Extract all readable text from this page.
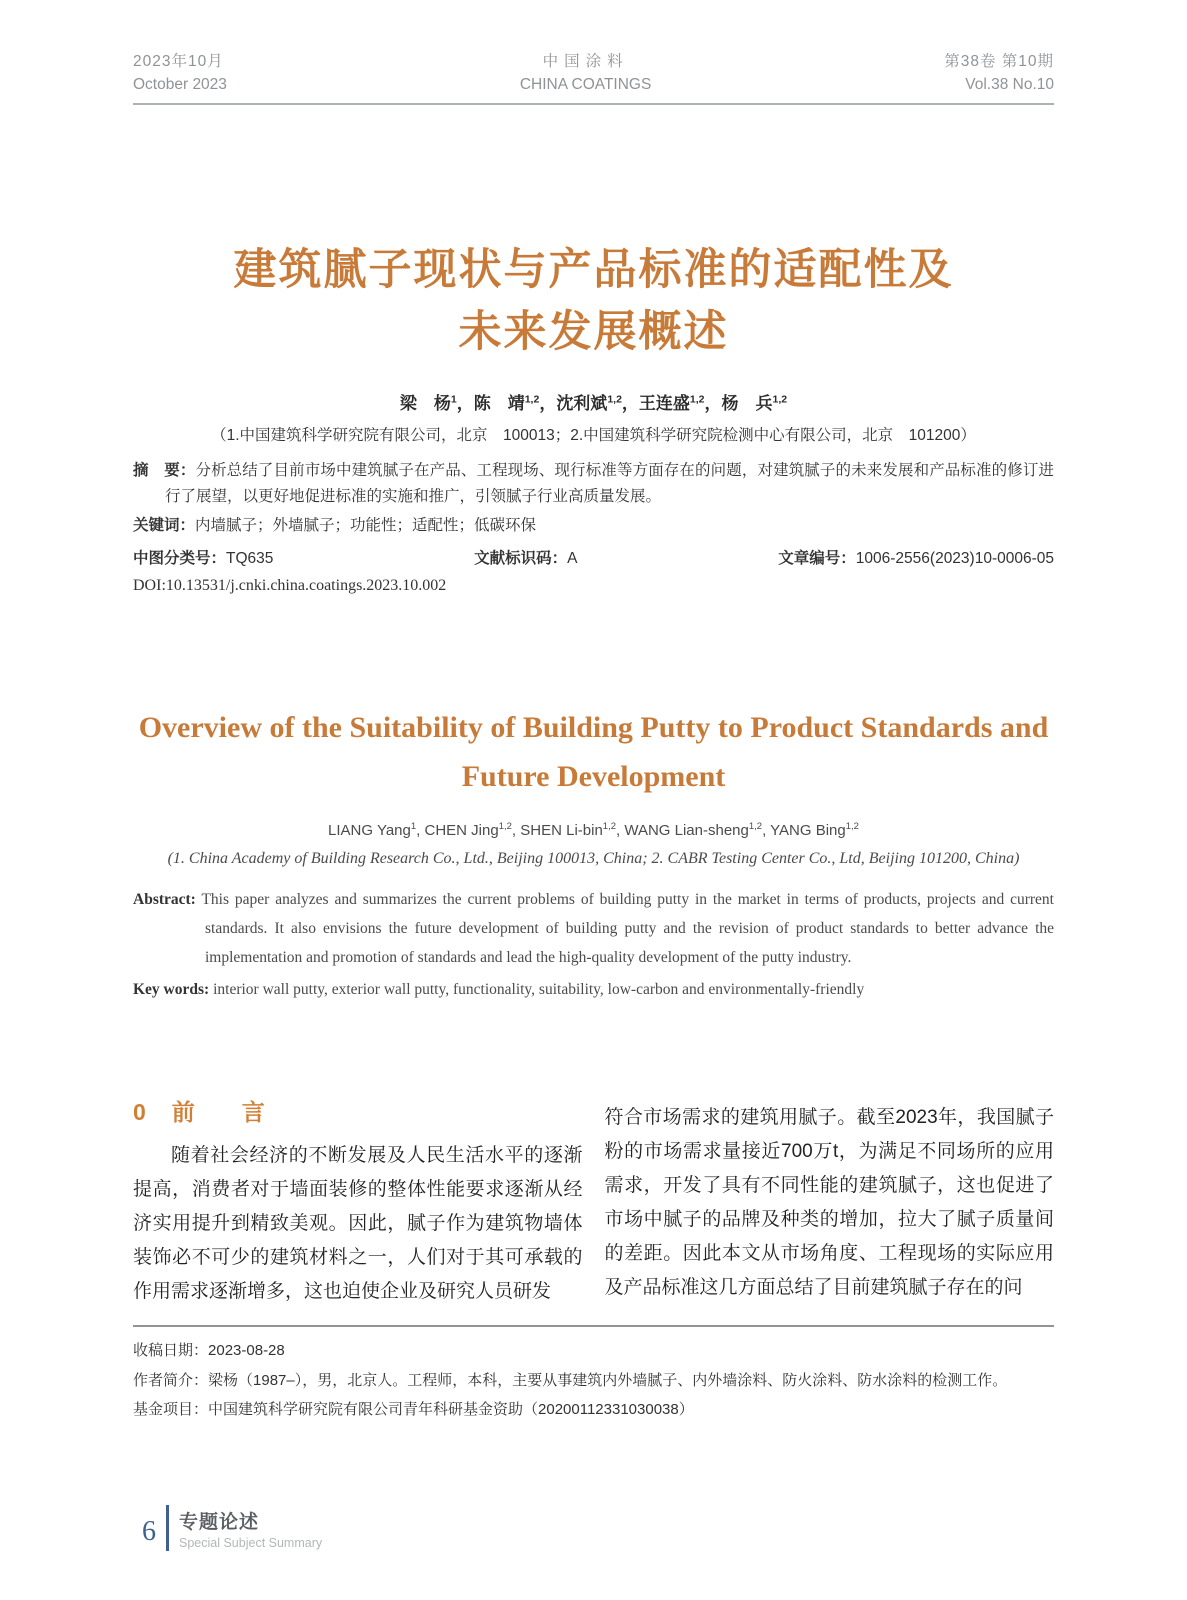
2023年10月
October 2023
中国涂料
CHINA COATINGS
第38卷 第10期
Vol.38 No.10
建筑腻子现状与产品标准的适配性及
未来发展概述
梁　杨$^1$，陈　靖$^{1,2}$，沈利斌$^{1,2}$，王连盛$^{1,2}$，杨　兵$^{1,2}$
（1.中国建筑科学研究院有限公司，北京　100013；2.中国建筑科学研究院检测中心有限公司，北京　101200）
摘　要：分析总结了目前市场中建筑腻子在产品、工程现场、现行标准等方面存在的问题，对建筑腻子的未来发展和产品标准的修订进行了展望，以更好地促进标准的实施和推广，引领腻子行业高质量发展。
关键词：内墙腻子；外墙腻子；功能性；适配性；低碳环保
中图分类号：TQ635	文献标识码：A	文章编号：1006-2556(2023)10-0006-05
DOI:10.13531/j.cnki.china.coatings.2023.10.002
Overview of the Suitability of Building Putty to Product Standards and Future Development
LIANG Yang$^1$, CHEN Jing$^{1,2}$, SHEN Li-bin$^{1,2}$, WANG Lian-sheng$^{1,2}$, YANG Bing$^{1,2}$
(1. China Academy of Building Research Co., Ltd., Beijing 100013, China; 2. CABR Testing Center Co., Ltd, Beijing 101200, China)
Abstract: This paper analyzes and summarizes the current problems of building putty in the market in terms of products, projects and current standards. It also envisions the future development of building putty and the revision of product standards to better advance the implementation and promotion of standards and lead the high-quality development of the putty industry.
Key words: interior wall putty, exterior wall putty, functionality, suitability, low-carbon and environmentally-friendly
0 前　言
随着社会经济的不断发展及人民生活水平的逐渐提高，消费者对于墙面装修的整体性能要求逐渐从经济实用提升到精致美观。因此，腻子作为建筑物墙体装饰必不可少的建筑材料之一，人们对于其可承载的作用需求逐渐增多，这也迫使企业及研究人员研发
符合市场需求的建筑用腻子。截至2023年，我国腻子粉的市场需求量接近700万t，为满足不同场所的应用需求，开发了具有不同性能的建筑腻子，这也促进了市场中腻子的品牌及种类的增加，拉大了腻子质量间的差距。因此本文从市场角度、工程现场的实际应用及产品标准这几方面总结了目前建筑腻子存在的问
收稿日期：2023-08-28
作者简介：梁杨（1987–），男，北京人。工程师，本科，主要从事建筑内外墙腻子、内外墙涂料、防火涂料、防水涂料的检测工作。
基金项目：中国建筑科学研究院有限公司青年科研基金资助（20200112331030038）
6 专题论述
Special Subject Summary
